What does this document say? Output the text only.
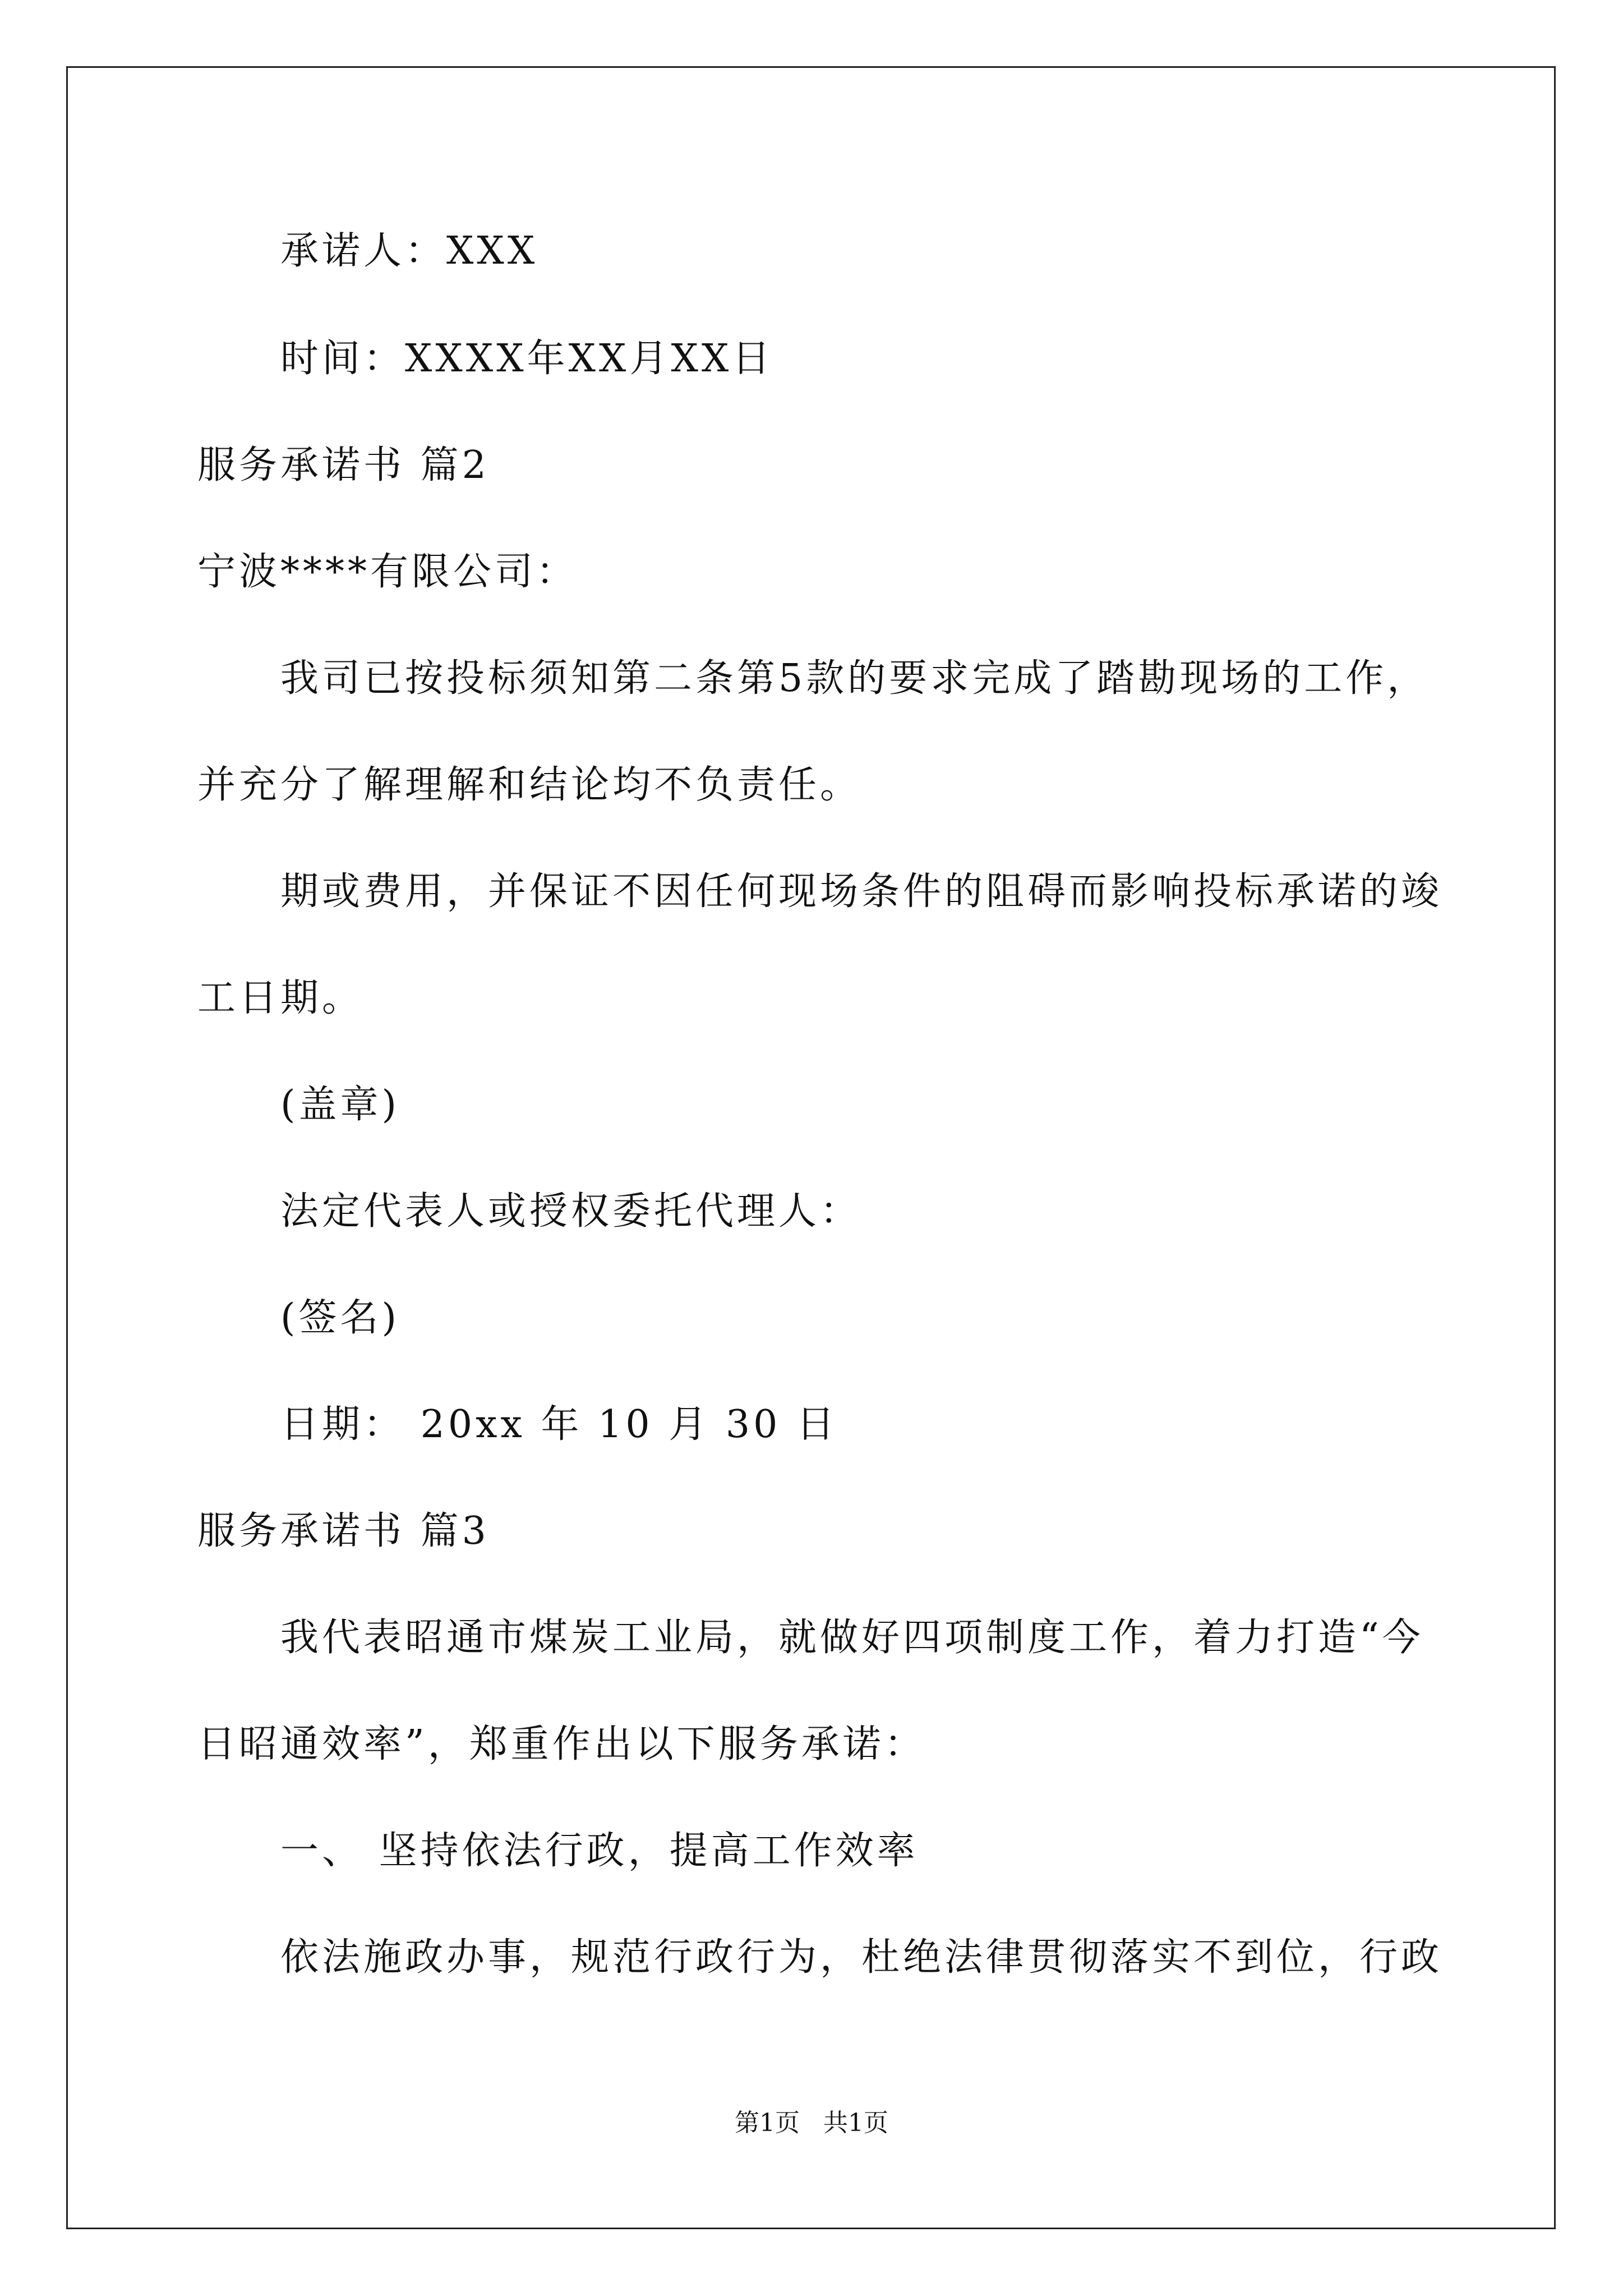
承诺人：XXX
时间：XXXX年XX月XX日
服务承诺书 篇2
宁波****有限公司：
我司已按投标须知第二条第5款的要求完成了踏勘现场的工作，
并充分了解理解和结论均不负责任。
期或费用，并保证不因任何现场条件的阻碍而影响投标承诺的竣
工日期。
(盖章)
法定代表人或授权委托代理人：
(签名)
日期： 20xx 年 10 月 30 日
服务承诺书 篇3
我代表昭通市煤炭工业局，就做好四项制度工作，着力打造“今
日昭通效率”，郑重作出以下服务承诺：
一、 坚持依法行政，提高工作效率
依法施政办事，规范行政行为，杜绝法律贯彻落实不到位，行政
第1页   共1页
